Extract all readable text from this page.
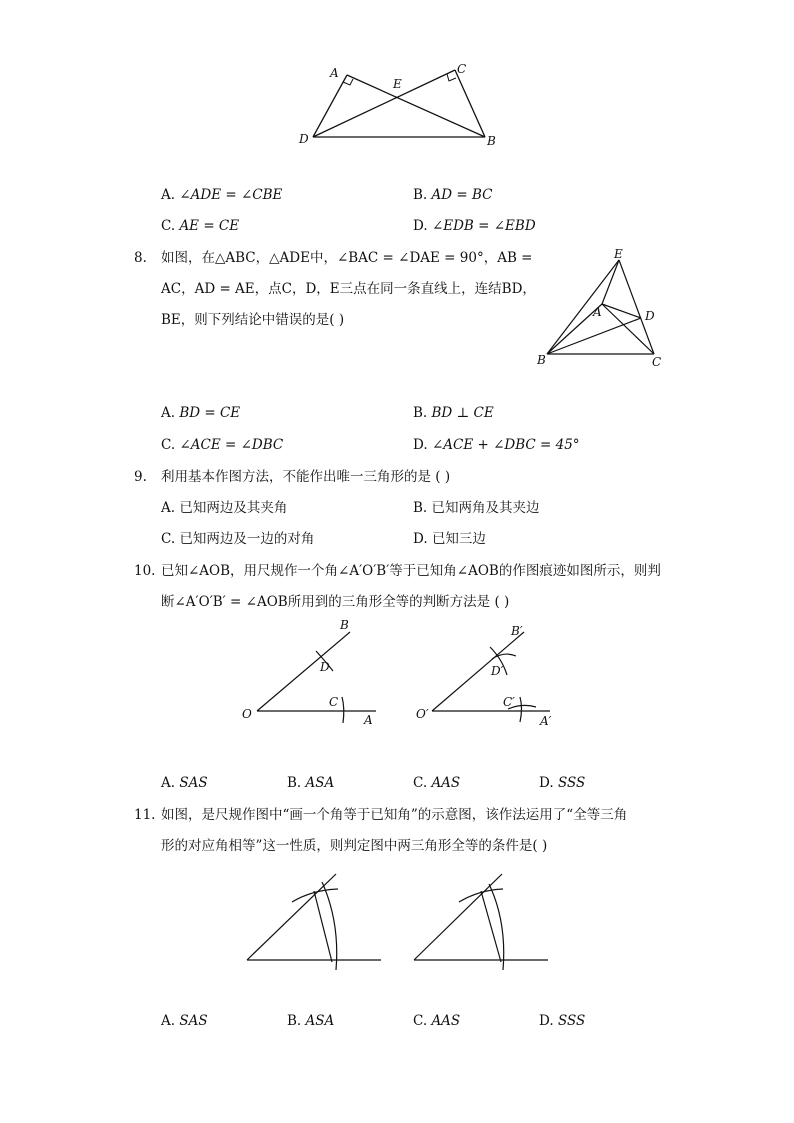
A	C
E
D	B
A. ∠ADE = ∠CBE	B. AD = BC
C. AE = CE	D. ∠EDB = ∠EBD
8. 如图，在△ABC，△ADE中，∠BAC = ∠DAE = 90°，AB =
AC，AD = AE，点C，D，E三点在同一条直线上，连结BD，
BE，则下列结论中错误的是( )
E
A	D
B	C
A. BD = CE	B. BD ⊥ CE
C. ∠ACE = ∠DBC	D. ∠ACE + ∠DBC = 45°
9. 利用基本作图方法，不能作出唯一三角形的是 ( )
A. 已知两边及其夹角	B. 已知两角及其夹边
C. 已知两边及一边的对角	D. 已知三边
10. 已知∠AOB，用尺规作一个角∠A′O′B′等于已知角∠AOB的作图痕迹如图所示，则判
断∠A′O′B′ = ∠AOB所用到的三角形全等的判断方法是 ( )
B
D
O
C
A
B′
D′
O′
C′
A′
A. SAS	B. ASA	C. AAS	D. SSS
11. 如图，是尺规作图中“画一个角等于已知角”的示意图，该作法运用了“全等三角
形的对应角相等”这一性质，则判定图中两三角形全等的条件是( )
A. SAS	B. ASA	C. AAS	D. SSS
